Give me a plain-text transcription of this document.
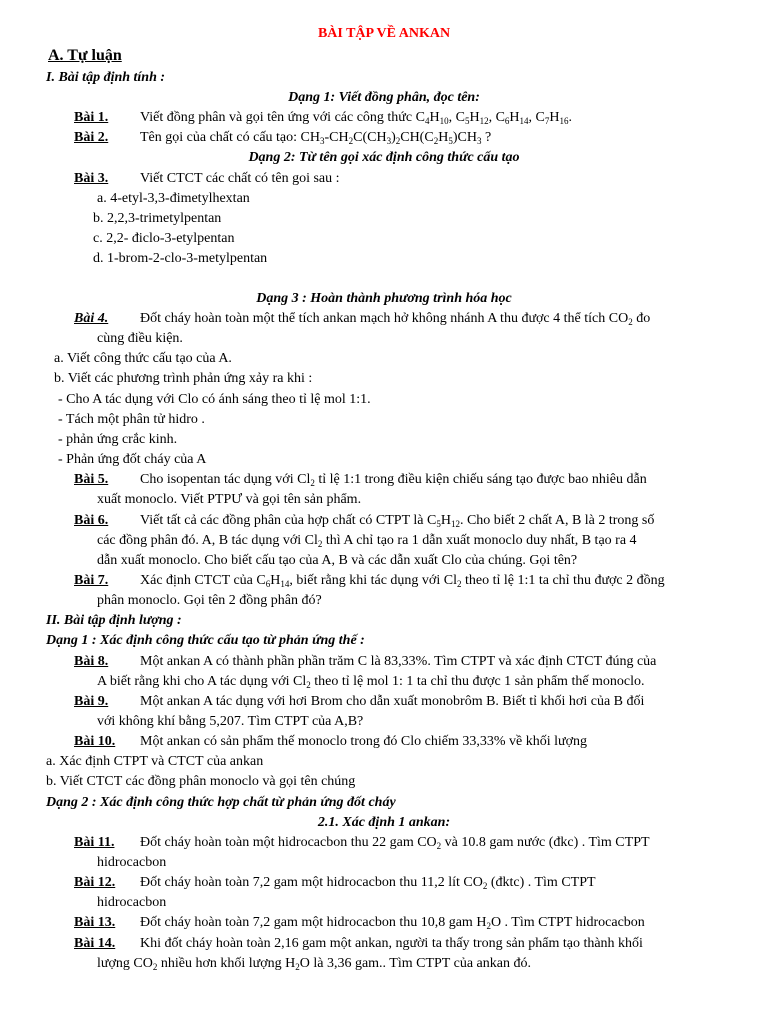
BÀI TẬP VỀ ANKAN
A. Tự luận
I. Bài tập định tính :
Dạng 1: Viết đồng phân, đọc tên:
Bài 1. Viết đồng phân và gọi tên ứng với các công thức $C_4H_{10}$, $C_5H_{12}$, $C_6H_{14}$, $C_7H_{16}$.
Bài 2. Tên gọi của chất có cấu tạo: $CH_3-CH_2C(CH_3)_2CH(C_2H_5)CH_3$ ?
Dạng 2: Từ tên gọi xác định công thức cấu tạo
Bài 3. Viết CTCT các chất có tên goi sau :
a. 4-etyl-3,3-đimetylhextan
b. 2,2,3-trimetylpentan
c. 2,2- điclo-3-etylpentan
d. 1-brom-2-clo-3-metylpentan
Dạng 3 : Hoàn thành phương trình hóa học
Bài 4. Đốt cháy hoàn toàn một thể tích ankan mạch hở không nhánh A thu được 4 thể tích $CO_2$ đo
cùng điều kiện.
a. Viết công thức cấu tạo của A.
b. Viết các phương trình phản ứng xảy ra khi :
- Cho A tác dụng với Clo có ánh sáng theo tỉ lệ mol 1:1.
- Tách một phân tử hidro .
- phản ứng crắc kinh.
- Phản ứng đốt cháy của A
Bài 5. Cho isopentan tác dụng với $Cl_2$ tỉ lệ 1:1 trong điều kiện chiếu sáng tạo được bao nhiêu dẫn
xuất monoclo. Viết PTPƯ và gọi tên sản phẩm.
Bài 6. Viết tất cả các đồng phân của hợp chất có CTPT là $C_5H_{12}$. Cho biết 2 chất A, B là 2 trong số
các đồng phân đó. A, B tác dụng với $Cl_2$ thì A chỉ tạo ra 1 dẫn xuất monoclo duy nhất, B tạo ra 4
dẫn xuất monoclo. Cho biết cấu tạo của A, B và các dẫn xuất Clo của chúng. Gọi tên?
Bài 7. Xác định CTCT của $C_6H_{14}$, biết rằng khi tác dụng với $Cl_2$ theo tỉ lệ 1:1 ta chỉ thu được 2 đồng
phân monoclo. Gọi tên 2 đồng phân đó?
II. Bài tập định lượng :
Dạng 1 : Xác định công thức cấu tạo từ phản ứng thế :
Bài 8. Một ankan A có thành phần phần trăm C là 83,33%. Tìm CTPT và xác định CTCT đúng của
A biết rằng khi cho A tác dụng với $Cl_2$ theo tỉ lệ mol 1: 1 ta chỉ thu được 1 sản phẩm thế monoclo.
Bài 9. Một ankan A tác dụng với hơi Brom cho dẫn xuất monobrôm B. Biết tỉ khối hơi của B đối
với không khí bằng 5,207. Tìm CTPT của A,B?
Bài 10. Một ankan có sản phẩm thế monoclo trong đó Clo chiếm 33,33% về khối lượng
a. Xác định CTPT và CTCT của ankan
b. Viết CTCT các đồng phân monoclo và gọi tên chúng
Dạng 2 : Xác định công thức hợp chất từ phản ứng đốt cháy
2.1. Xác định 1 ankan:
Bài 11. Đốt cháy hoàn toàn một hidrocacbon thu 22 gam $CO_2$ và 10.8 gam nước (đkc) . Tìm CTPT
hidrocacbon
Bài 12. Đốt cháy hoàn toàn 7,2 gam một hidrocacbon thu 11,2 lít $CO_2$ (đktc) . Tìm CTPT
hidrocacbon
Bài 13. Đốt cháy hoàn toàn 7,2 gam một hidrocacbon thu 10,8 gam $H_2O$ . Tìm CTPT hidrocacbon
Bài 14. Khi đốt cháy hoàn toàn 2,16 gam một ankan, người ta thấy trong sản phẩm tạo thành khối
lượng $CO_2$ nhiều hơn khối lượng $H_2O$ là 3,36 gam.. Tìm CTPT của ankan đó.
